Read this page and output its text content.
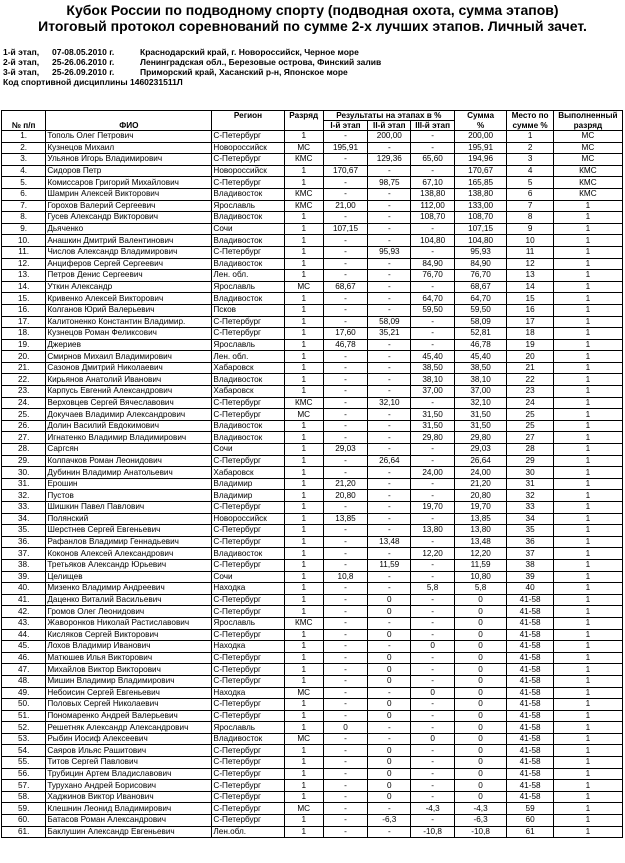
Кубок России по подводному спорту (подводная охота, сумма этапов)
Итоговый протокол соревнований по сумме 2-х лучших этапов. Личный зачет.
1-й этап,	07-08.05.2010 г.	Краснодарский край, г. Новороссийск, Черное море
2-й этап,	25-26.06.2010 г.	Ленинградская обл., Березовые острова, Финский залив
3-й этап,	25-26.09.2010 г.	Приморский край, Хасанский р-н, Японское море
Код спортивной дисциплины 1460231511Л
		Регион	Разряд	Результаты на этапах в %			Сумма	Место по	Выполненный
№ п/п	ФИО			I-й этап	II-й этап	III-й этап	%	сумме %	разряд
1.	Тополь Олег Петрович	С-Петербург	1	-	200,00	-	200,00	1	МС
2.	Кузнецов Михаил	Новороссийск	МС	195,91	-	-	195,91	2	МС
3.	Ульянов Игорь Владимирович	С-Петербург	КМС	-	129,36	65,60	194,96	3	МС
4.	Сидоров Петр	Новороссийск	1	170,67	-	-	170,67	4	КМС
5.	Комиссаров Григорий Михайлович	С-Петербург	1	-	98,75	67,10	165,85	5	КМС
6.	Шамрин Алексей Викторович	Владивосток	КМС	-	-	138,80	138,80	6	КМС
7.	Горохов Валерий Сергеевич	Ярославль	КМС	21,00	-	112,00	133,00	7	1
8.	Гусев Александр Викторович	Владивосток	1	-	-	108,70	108,70	8	1
9.	Дьяченко	Сочи	1	107,15	-	-	107,15	9	1
10.	Анашкин Дмитрий Валентинович	Владивосток	1	-	-	104,80	104,80	10	1
11.	Числов Александр Владимирович	С-Петербург	1	-	95,93	-	95,93	11	1
12.	Анциферов Сергей Сергеевич	Владивосток	1	-	-	84,90	84,90	12	1
13.	Петров Денис Сергеевич	Лен. обл.	1	-	-	76,70	76,70	13	1
14.	Уткин Александр	Ярославль	МС	68,67	-	-	68,67	14	1
15.	Кривенко Алексей Викторович	Владивосток	1	-	-	64,70	64,70	15	1
16.	Колганов Юрий Валерьевич	Псков	1	-	-	59,50	59,50	16	1
17.	Калитоненко Константин Владимир.	С-Петербург	1	-	58,09	-	58,09	17	1
18.	Кузнецов Роман Феликсович	С-Петербург	1	17,60	35,21	-	52,81	18	1
19.	Джериев	Ярославль	1	46,78	-	-	46,78	19	1
20.	Смирнов Михаил Владимирович	Лен. обл.	1	-	-	45,40	45,40	20	1
21.	Сазонов Дмитрий Николаевич	Хабаровск	1	-	-	38,50	38,50	21	1
22.	Кирьянов Анатолий Иванович	Владивосток	1	-	-	38,10	38,10	22	1
23.	Карпусь Евгений Александрович	Хабаровск	1	-	-	37,00	37,00	23	1
24.	Верховцев Сергей Вячеславович	С-Петербург	КМС	-	32,10	-	32,10	24	1
25.	Докучаев Владимир Александрович	С-Петербург	МС	-	-	31,50	31,50	25	1
26.	Долин Василий Евдокимович	Владивосток	1	-	-	31,50	31,50	25	1
27.	Игнатенко Владимир Владимирович	Владивосток	1	-	-	29,80	29,80	27	1
28.	Саргсян	Сочи	1	29,03	-	-	29,03	28	1
29.	Колпачков Роман Леонидович	С-Петербург	1	-	26,64	-	26,64	29	1
30.	Дубинин Владимир Анатольевич	Хабаровск	1	-	-	24,00	24,00	30	1
31.	Ерошин	Владимир	1	21,20	-	-	21,20	31	1
32.	Пустов	Владимир	1	20,80	-	-	20,80	32	1
33.	Шишкин Павел Павлович	С-Петербург	1	-	-	19,70	19,70	33	1
34.	Полянский	Новороссийск	1	13,85	-	-	13,85	34	1
35.	Шерстнев Сергей Евгеньевич	С-Петербург	1	-	-	13,80	13,80	35	1
36.	Рафанлов Владимир Геннадьевич	С-Петербург	1	-	13,48	-	13,48	36	1
37.	Коконов Алексей Александрович	Владивосток	1	-	-	12,20	12,20	37	1
38.	Третьяков Александр Юрьевич	С-Петербург	1	-	11,59	-	11,59	38	1
39.	Целищев	Сочи	1	10,8	-	-	10,80	39	1
40.	Мизенко Владимир Андреевич	Находка	1	-	-	5,8	5,8	40	1
41.	Даценко Виталий Васильевич	С-Петербург	1	-	0	-	0	41-58	1
42.	Громов Олег Леонидович	С-Петербург	1	-	0	-	0	41-58	1
43.	Жаворонков Николай Растиславович	Ярославль	КМС	-	-	-	0	41-58	1
44.	Кисляков Сергей Викторович	С-Петербург	1	-	0	-	0	41-58	1
45.	Лохов Владимир Иванович	Находка	1	-	-	0	0	41-58	1
46.	Матюшев Илья Викторович	С-Петербург	1	-	0	-	0	41-58	1
47.	Михайлов Виктор Викторович	С-Петербург	1	-	0	-	0	41-58	1
48.	Мишин Владимир Владимирович	С-Петербург	1	-	0	-	0	41-58	1
49.	Небоисин Сергей Евгеньевич	Находка	МС	-	-	0	0	41-58	1
50.	Половых Сергей Николаевич	С-Петербург	1	-	0	-	0	41-58	1
51.	Пономаренко Андрей Валерьевич	С-Петербург	1	-	0	-	0	41-58	1
52.	Решетняк Александр Александрович	Ярославль	1	0	-	-	0	41-58	1
53.	Рыбин Иосиф Алексеевич	Владивосток	МС	-	-	0	0	41-58	1
54.	Саяров Ильяс Рашитович	С-Петербург	1	-	0	-	0	41-58	1
55.	Титов Сергей Павлович	С-Петербург	1	-	0	-	0	41-58	1
56.	Трубицин Артем Владиславович	С-Петербург	1	-	0	-	0	41-58	1
57.	Турухано Андрей Борисович	С-Петербург	1	-	0	-	0	41-58	1
58.	Хаджинов Виктор Иванович	С-Петербург	1	-	0	-	0	41-58	1
59.	Клешнин Леонид Владимирович	С-Петербург	МС	-	-	-4,3	-4,3	59	1
60.	Батасов Роман Александрович	С-Петербург	1	-	-6,3	-	-6,3	60	1
61.	Баклушин Александр Евгеньевич	Лен.обл.	1	-	-	-10,8	-10,8	61	1
